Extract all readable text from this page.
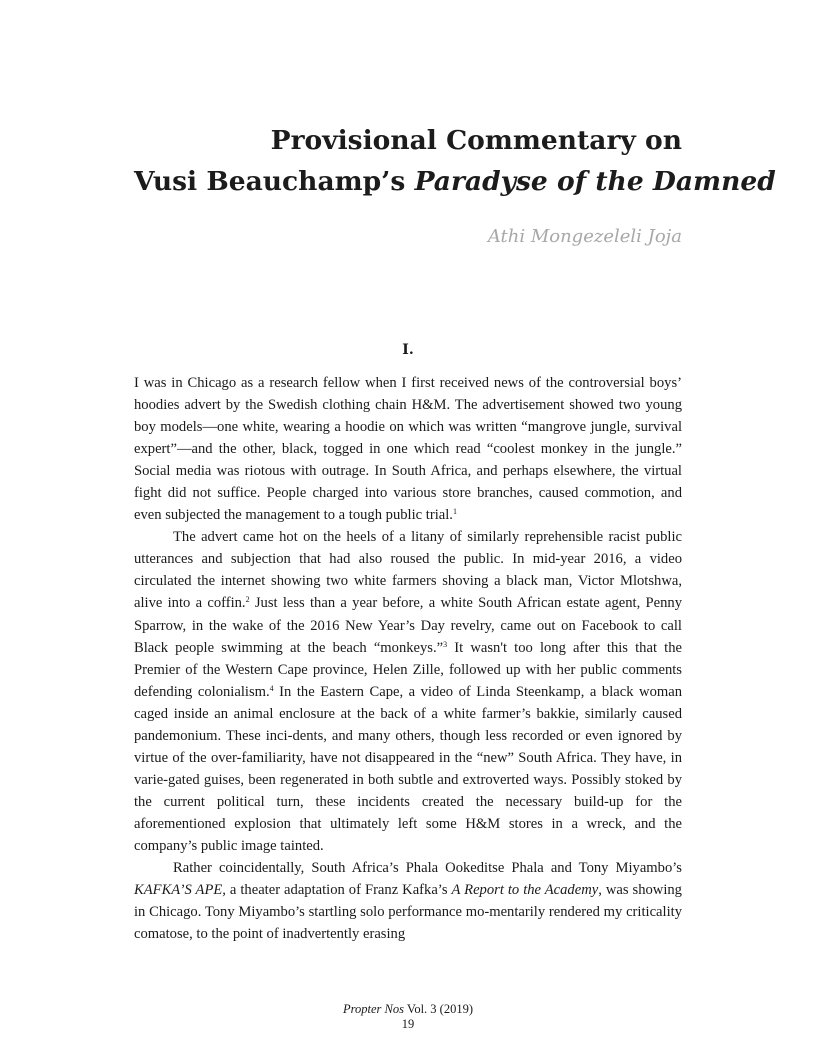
Provisional Commentary on
Vusi Beauchamp’s Paradyse of the Damned
Athi Mongezeleli Joja
I.

I was in Chicago as a research fellow when I first received news of the controversial boys’ hoodies advert by the Swedish clothing chain H&M. The advertisement showed two young boy models—one white, wearing a hoodie on which was written “mangrove jungle, survival expert”—and the other, black, togged in one which read “coolest monkey in the jungle.” Social media was riotous with outrage. In South Africa, and perhaps elsewhere, the virtual fight did not suffice. People charged into various store branches, caused commotion, and even subjected the management to a tough public trial.$^1$

The advert came hot on the heels of a litany of similarly reprehensible racist public utterances and subjection that had also roused the public. In mid-year 2016, a video circulated the internet showing two white farmers shoving a black man, Victor Mlotshwa, alive into a coffin.$^2$ Just less than a year before, a white South African estate agent, Penny Sparrow, in the wake of the 2016 New Year’s Day revelry, came out on Facebook to call Black people swimming at the beach “monkeys.”$^3$ It wasn't too long after this that the Premier of the Western Cape province, Helen Zille, followed up with her public comments defending colonialism.$^4$ In the Eastern Cape, a video of Linda Steenkamp, a black woman caged inside an animal enclosure at the back of a white farmer’s bakkie, similarly caused pandemonium. These inci-dents, and many others, though less recorded or even ignored by virtue of the over-familiarity, have not disappeared in the “new” South Africa. They have, in varie-gated guises, been regenerated in both subtle and extroverted ways. Possibly stoked by the current political turn, these incidents created the necessary build-up for the aforementioned explosion that ultimately left some H&M stores in a wreck, and the company’s public image tainted.

Rather coincidentally, South Africa’s Phala Ookeditse Phala and Tony Miyambo’s KAFKA’S APE, a theater adaptation of Franz Kafka’s A Report to the Academy, was showing in Chicago. Tony Miyambo’s startling solo performance mo-mentarily rendered my criticality comatose, to the point of inadvertently erasing

Propter Nos Vol. 3 (2019)
19
